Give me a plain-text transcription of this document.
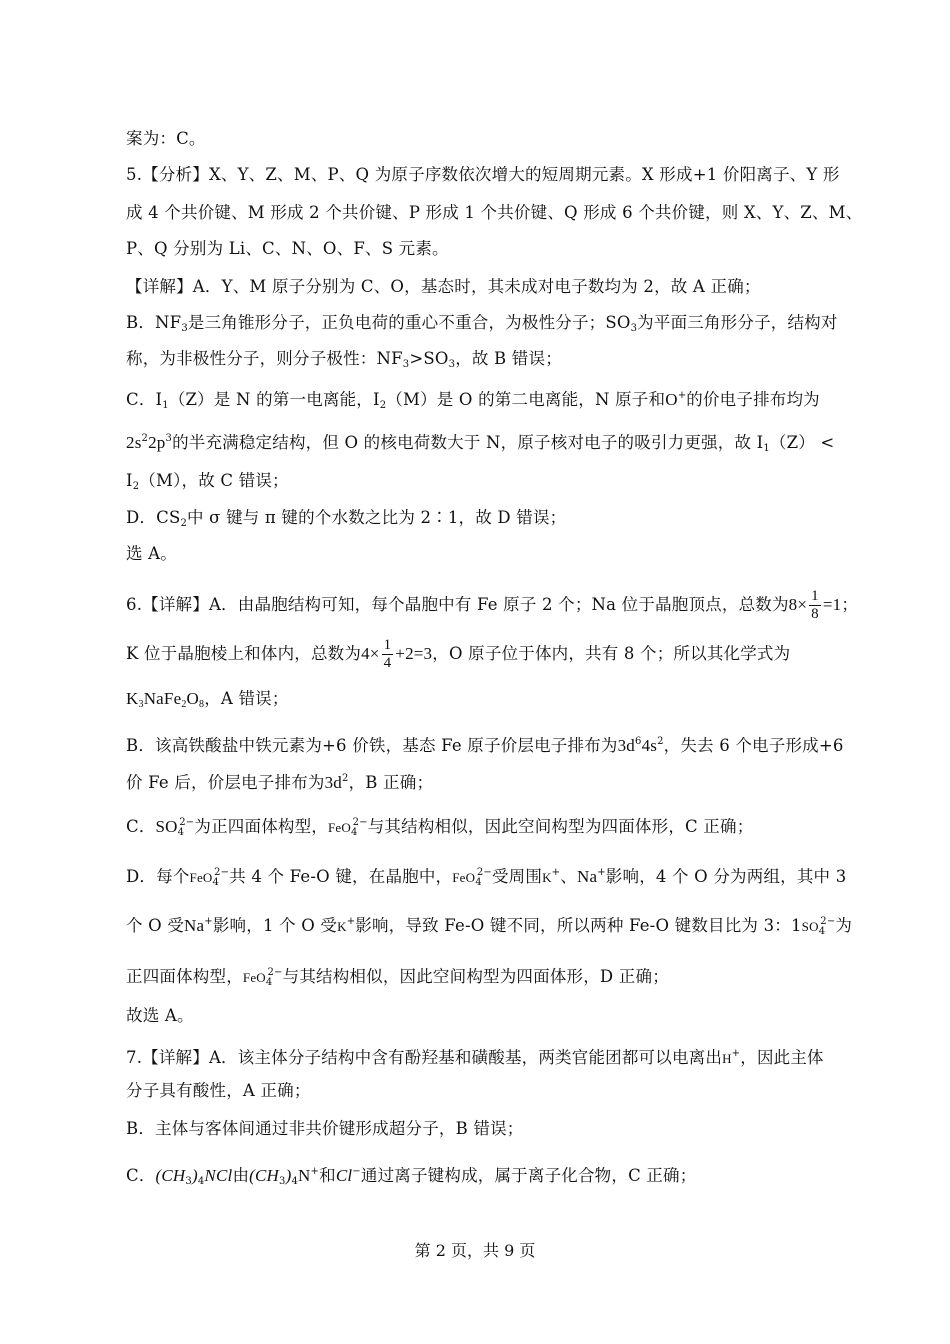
案为：C。
5.【分析】X、Y、Z、M、P、Q 为原子序数依次增大的短周期元素。X 形成+1 价阳离子、Y 形
成 4 个共价键、M 形成 2 个共价键、P 形成 1 个共价键、Q 形成 6 个共价键，则 X、Y、Z、M、
P、Q 分别为 Li、C、N、O、F、S 元素。
【详解】A．Y、M 原子分别为 C、O，基态时，其未成对电子数均为 2，故 A 正确；
B．$NF_3$是三角锥形分子，正负电荷的重心不重合，为极性分子；$SO_3$为平面三角形分子，结构对
称，为非极性分子，则分子极性：$NF_3>SO_3$，故 B 错误；
C．$I_1(Z)$是 N 的第一电离能，$I_2(M)$是 O 的第二电离能，N 原子和O+的价电子排布均为
$2s^22p^3$的半充满稳定结构，但 O 的核电荷数大于 N，原子核对电子的吸引力更强，故 $I_1(Z)$ <
$I_2(M)$，故 C 错误；
D．$CS_2$中 σ 键与 π 键的个水数之比为 2∶1，故 D 错误；
选 A。
6.【详解】A．由晶胞结构可知，每个晶胞中有 Fe 原子 2 个；Na 位于晶胞顶点，总数为$8\times \frac{1}{8} =1$；
K 位于晶胞棱上和体内，总数为$4\times \frac{1}{4} +2=3$，O 原子位于体内，共有 8 个；所以其化学式为
$K_3NaFe_2O_8$，A 错误；
B．该高铁酸盐中铁元素为+6 价铁，基态 Fe 原子价层电子排布为$3d^64s^2$，失去 6 个电子形成+6
价 Fe 后，价层电子排布为$3d^2$，B 正确；
C．$SO_4^{2-}$为正四面体构型，FeO$_4^{2-}$与其结构相似，因此空间构型为四面体形，C 正确；
D．每个FeO$_4^{2-}$共 4 个 Fe-O 键，在晶胞中，FeO$_4^{2-}$受周围K+、Na+影响，4 个 O 分为两组，其中 3
个 O 受Na+影响，1 个 O 受K+影响，导致 Fe-O 键不同，所以两种 Fe-O 键数目比为 3：$1SO_4^{2-}$为
正四面体构型，FeO$_4^{2-}$与其结构相似，因此空间构型为四面体形，D 正确；
故选 A。
7.【详解】A．该主体分子结构中含有酚羟基和磺酸基，两类官能团都可以电离出H+，因此主体
分子具有酸性，A 正确；
B．主体与客体间通过非共价键形成超分子，B 错误；
C．$(CH_3)_4NCl$由$(CH_3)_4N^+$和Cl−通过离子键构成，属于离子化合物，C 正确；
第 2 页，共 9 页
